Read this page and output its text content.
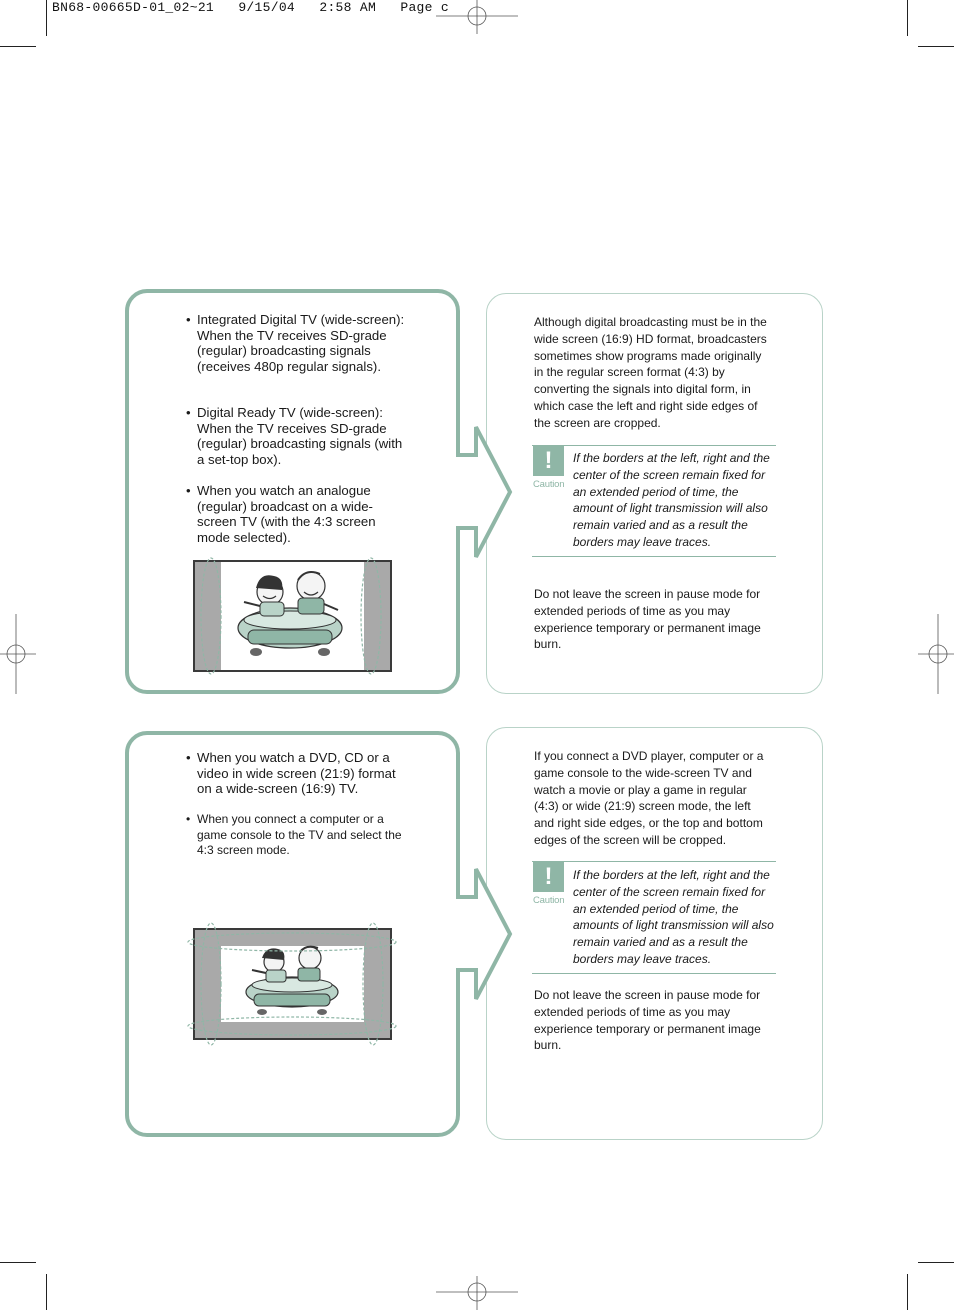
BN68-00665D-01_02~21   9/15/04   2:58 AM   Page c

• Integrated Digital TV (wide-screen): When the TV receives SD-grade (regular) broadcasting signals (receives 480p regular signals).

• Digital Ready TV (wide-screen): When the TV receives SD-grade (regular) broadcasting signals (with a set-top box).

• When you watch an analogue (regular) broadcast on a wide-screen TV (with the 4:3 screen mode selected).

Although digital broadcasting must be in the wide screen (16:9) HD format, broadcasters sometimes show programs made originally in the regular screen format (4:3) by converting the signals into digital form, in which case the left and right side edges of the screen are cropped.

!
Caution

If the borders at the left, right and the center of the screen remain fixed for an extended period of time, the amount of light transmission will also remain varied and as a result the borders may leave traces.

Do not leave the screen in pause mode for extended periods of time as you may experience temporary or permanent image burn.

• When you watch a DVD, CD or a video in wide screen (21:9) format on a wide-screen (16:9) TV.

• When you connect a computer or a game console to the TV and select the 4:3 screen mode.

If you connect a DVD player, computer or a game console to the wide-screen TV and watch a movie or play a game in regular (4:3) or wide (21:9) screen mode, the left and right side edges, or the top and bottom edges of the screen will be cropped.

!
Caution

If the borders at the left, right and the center of the screen remain fixed for an extended period of time, the amounts of light transmission will also remain varied and as a result the borders may leave traces.

Do not leave the screen in pause mode for extended periods of time as you may experience temporary or permanent image burn.
